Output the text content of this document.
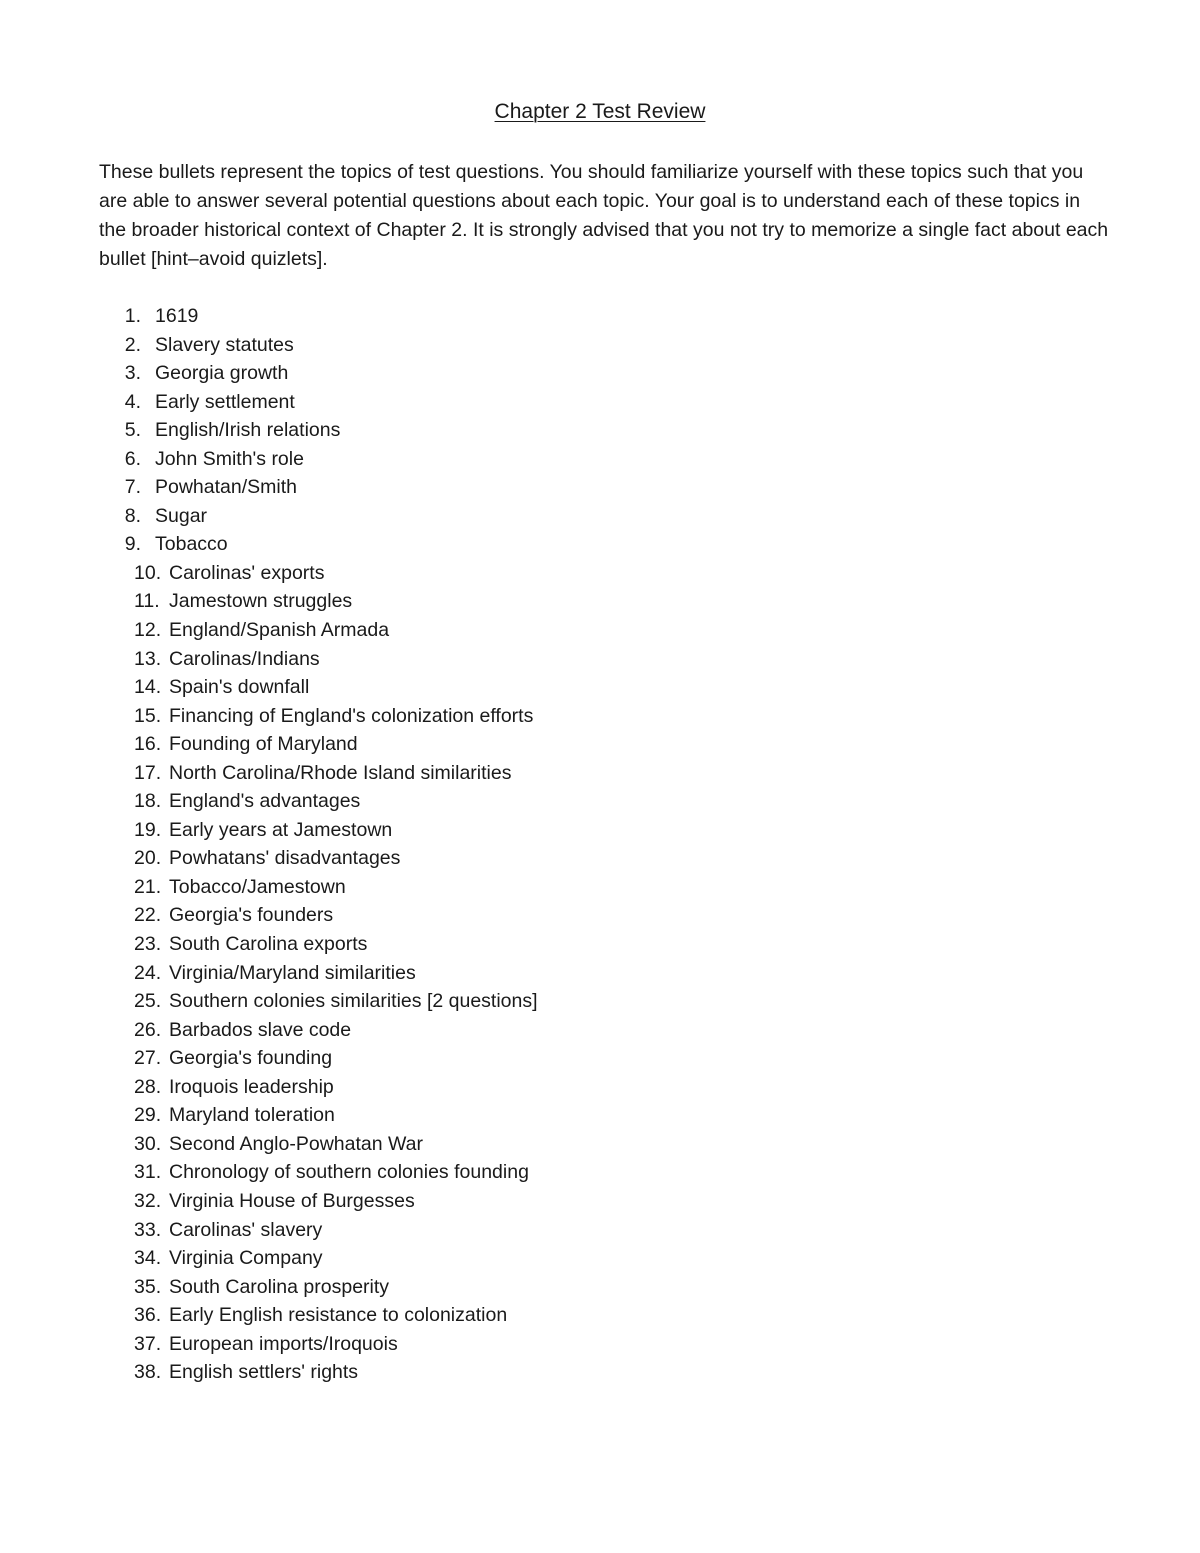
Chapter 2 Test Review

These bullets represent the topics of test questions. You should familiarize yourself with these topics such that you are able to answer several potential questions about each topic. Your goal is to understand each of these topics in the broader historical context of Chapter 2. It is strongly advised that you not try to memorize a single fact about each bullet [hint–avoid quizlets].

1. 1619
2. Slavery statutes
3. Georgia growth
4. Early settlement
5. English/Irish relations
6. John Smith's role
7. Powhatan/Smith
8. Sugar
9. Tobacco
10. Carolinas' exports
11. Jamestown struggles
12. England/Spanish Armada
13. Carolinas/Indians
14. Spain's downfall
15. Financing of England's colonization efforts
16. Founding of Maryland
17. North Carolina/Rhode Island similarities
18. England's advantages
19. Early years at Jamestown
20. Powhatans' disadvantages
21. Tobacco/Jamestown
22. Georgia's founders
23. South Carolina exports
24. Virginia/Maryland similarities
25. Southern colonies similarities [2 questions]
26. Barbados slave code
27. Georgia's founding
28. Iroquois leadership
29. Maryland toleration
30. Second Anglo-Powhatan War
31. Chronology of southern colonies founding
32. Virginia House of Burgesses
33. Carolinas' slavery
34. Virginia Company
35. South Carolina prosperity
36. Early English resistance to colonization
37. European imports/Iroquois
38. English settlers' rights
